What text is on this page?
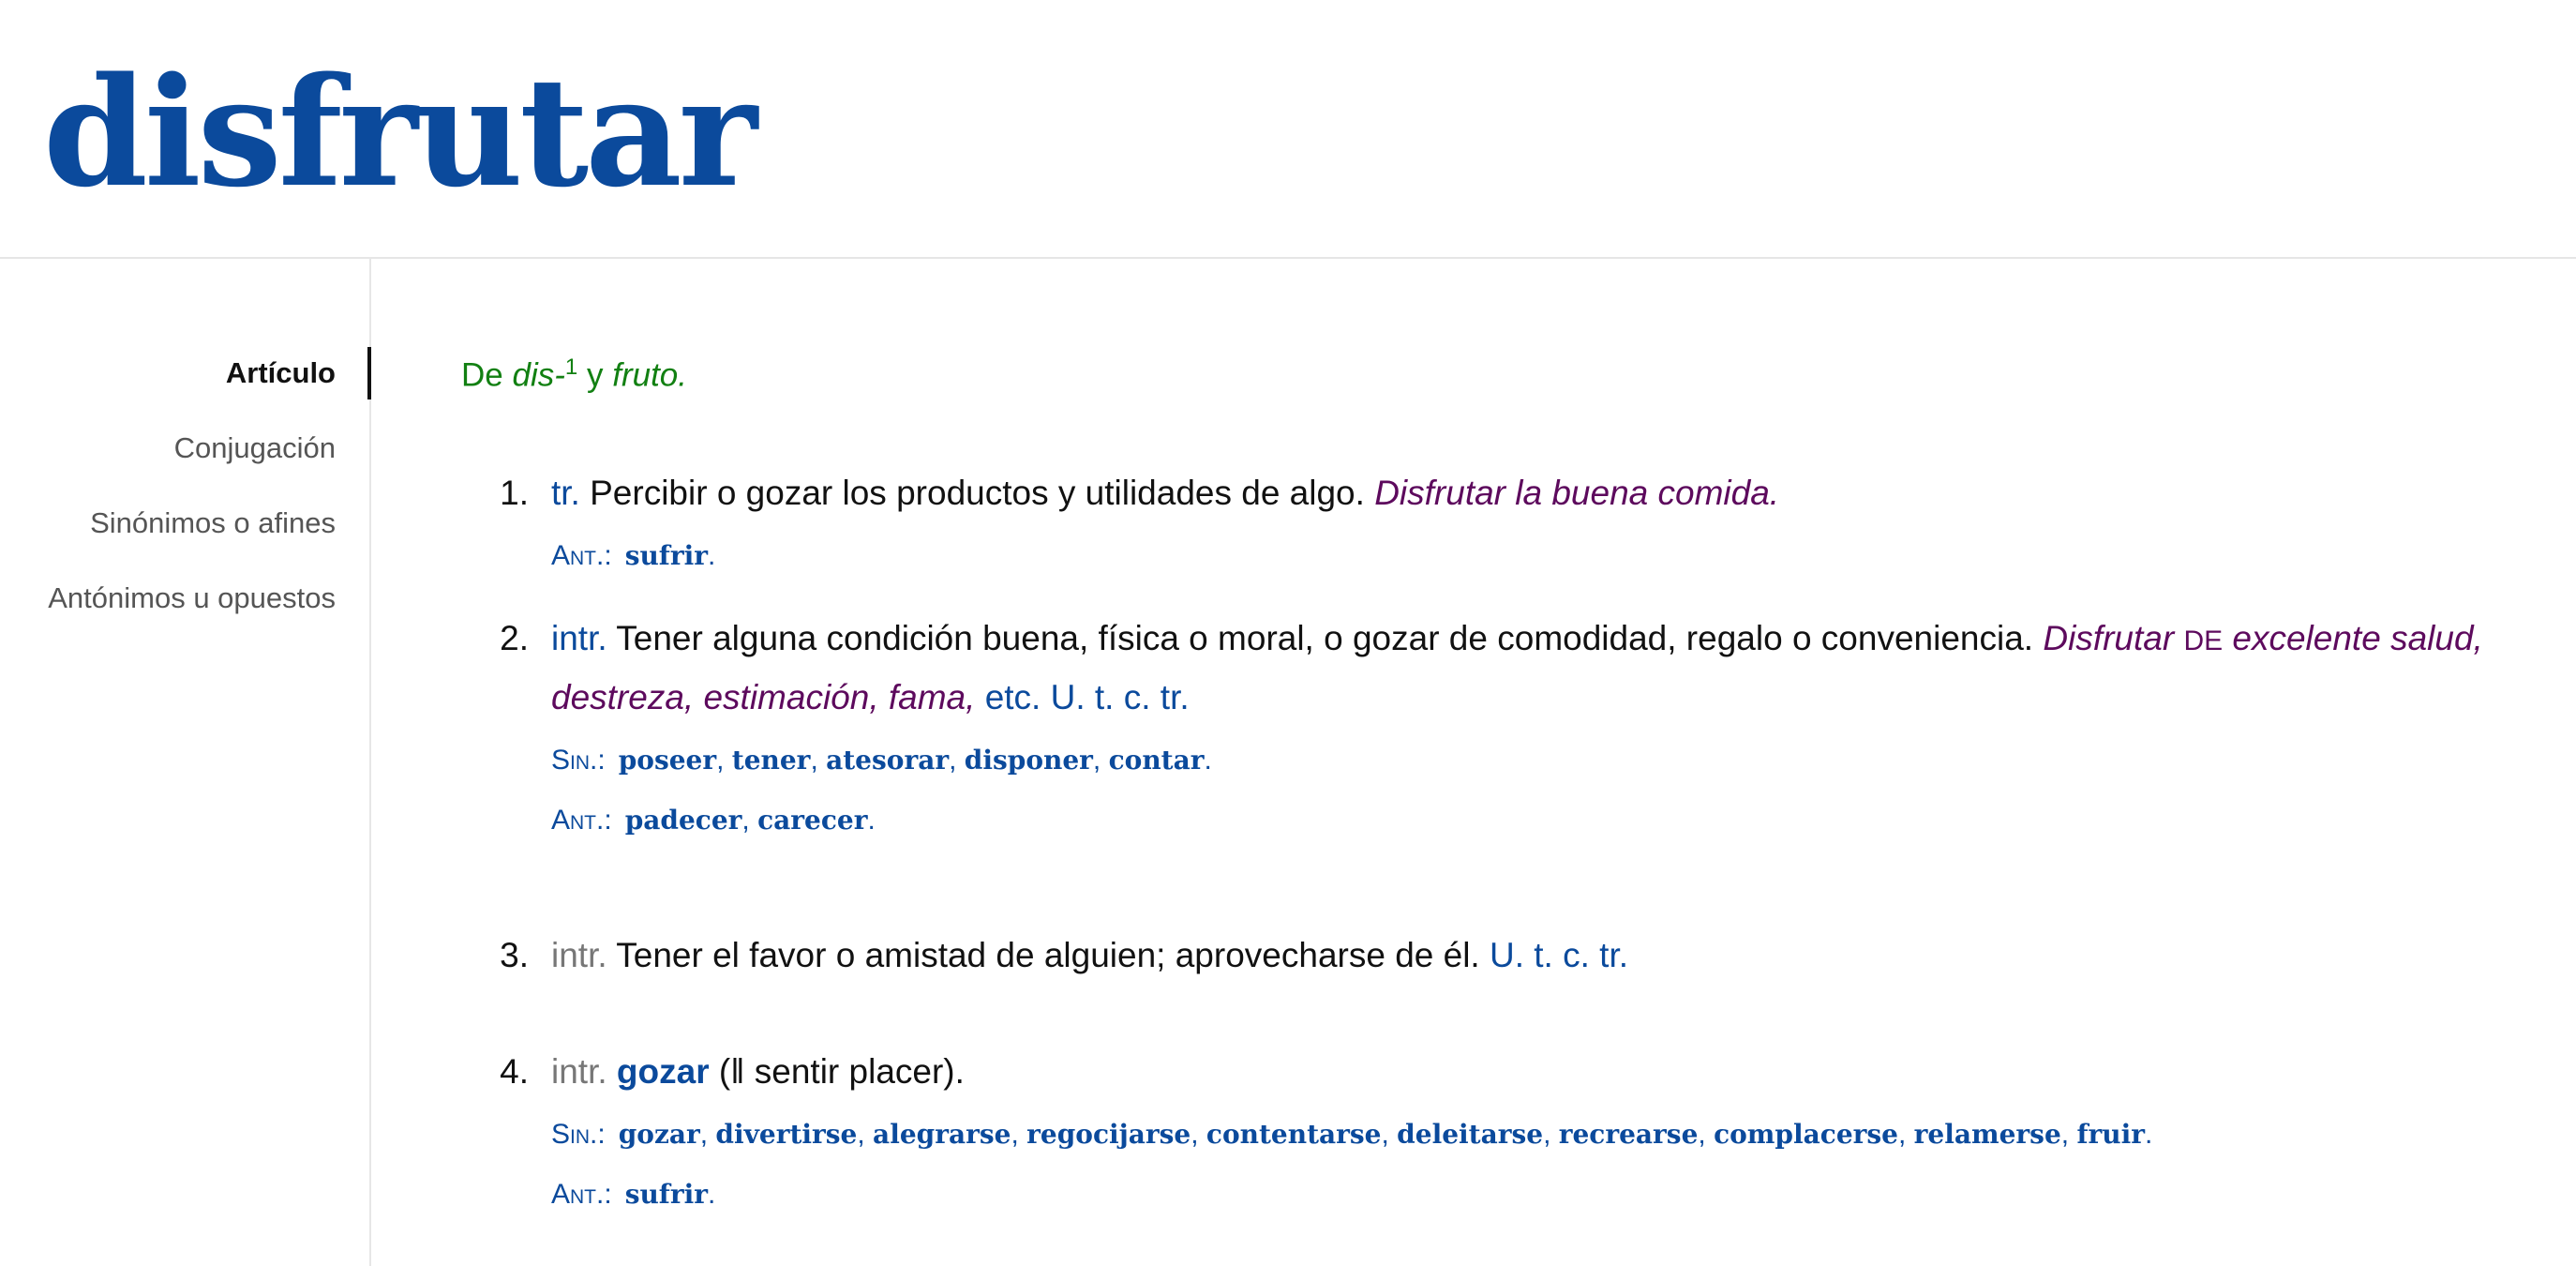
disfrutar
Artículo
Conjugación
Sinónimos o afines
Antónimos u opuestos
De dis-$^1$ y fruto.
1. tr. Percibir o gozar los productos y utilidades de algo. Disfrutar la buena comida.
Ant.: sufrir.
2. intr. Tener alguna condición buena, física o moral, o gozar de comodidad, regalo o conveniencia. Disfrutar DE excelente salud, destreza, estimación, fama, etc. U. t. c. tr.
Sin.: poseer, tener, atesorar, disponer, contar.
Ant.: padecer, carecer.
3. intr. Tener el favor o amistad de alguien; aprovecharse de él. U. t. c. tr.
4. intr. gozar (‖ sentir placer).
Sin.: gozar, divertirse, alegrarse, regocijarse, contentarse, deleitarse, recrearse, complacerse, relamerse, fruir.
Ant.: sufrir.
